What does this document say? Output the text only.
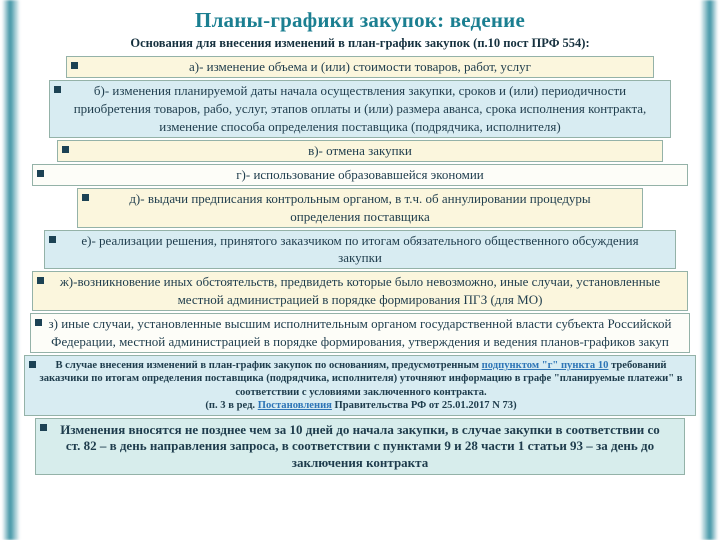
Планы-графики закупок: ведение
Основания для внесения изменений в план-график закупок (п.10 пост ПРФ 554):
а)- изменение объема и (или) стоимости товаров, работ, услуг
б)- изменения планируемой даты начала осуществления закупки, сроков и (или) периодичности приобретения товаров, рабо, услуг, этапов оплаты и (или) размера аванса, срока исполнения контракта, изменение способа определения поставщика (подрядчика, исполнителя)
в)- отмена закупки
г)- использование образовавшейся экономии
д)- выдачи предписания контрольным органом, в т.ч. об аннулировании процедуры определения поставщика
е)- реализации решения, принятого заказчиком по итогам обязательного общественного обсуждения закупки
ж)-возникновение иных обстоятельств, предвидеть которые было невозможно, иные случаи, установленные местной администрацией в порядке формирования ПГЗ (для МО)
з) иные случаи, установленные высшим исполнительным органом государственной власти субъекта Российской Федерации, местной администрацией в порядке формирования, утверждения и ведения планов-графиков закуп
В случае внесения изменений в план-график закупок по основаниям, предусмотренным подпунктом "г" пункта 10 требований заказчики по итогам определения поставщика (подрядчика, исполнителя) уточняют информацию в графе "планируемые платежи" в соответствии с условиями заключенного контракта.
(п. 3 в ред. Постановления Правительства РФ от 25.01.2017 N 73)
Изменения вносятся не позднее чем за 10 дней до начала закупки, в случае закупки в соответствии со ст. 82 – в день направления запроса, в соответствии с пунктами 9 и 28 части 1 статьи 93 – за день до заключения контракта
